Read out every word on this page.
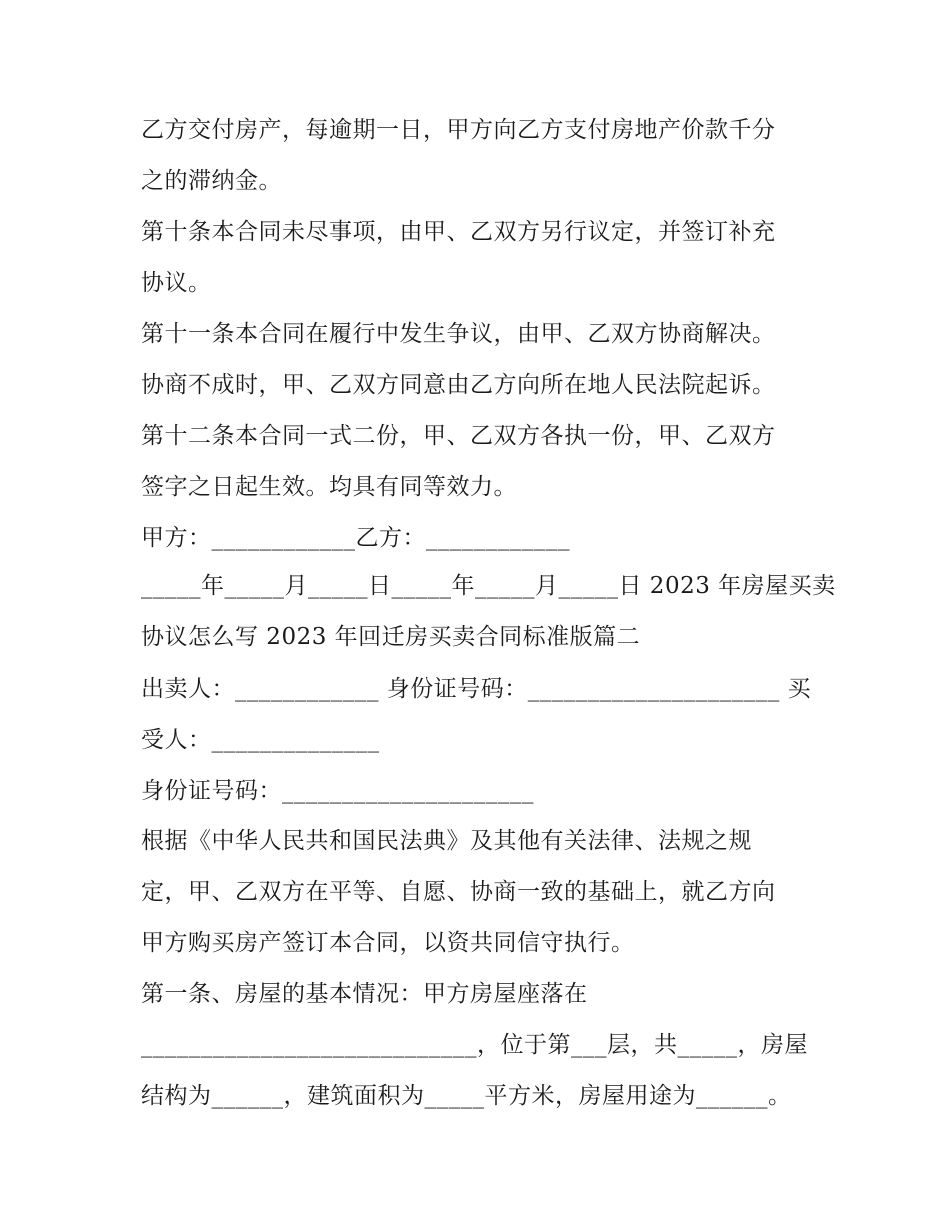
乙方交付房产，每逾期一日，甲方向乙方支付房地产价款千分
之的滞纳金。
第十条本合同未尽事项，由甲、乙双方另行议定，并签订补充
协议。
第十一条本合同在履行中发生争议，由甲、乙双方协商解决。
协商不成时，甲、乙双方同意由乙方向所在地人民法院起诉。
第十二条本合同一式二份，甲、乙双方各执一份，甲、乙双方
签字之日起生效。均具有同等效力。
甲方：____________乙方：____________
_____年_____月_____日_____年_____月_____日 2023 年房屋买卖
协议怎么写 2023 年回迁房买卖合同标准版篇二
出卖人：____________ 身份证号码：_____________________ 买
受人：______________
身份证号码：_____________________
根据《中华人民共和国民法典》及其他有关法律、法规之规
定，甲、乙双方在平等、自愿、协商一致的基础上，就乙方向
甲方购买房产签订本合同，以资共同信守执行。
第一条、房屋的基本情况：甲方房屋座落在
____________________________，位于第___层，共_____，房屋
结构为______，建筑面积为_____平方米，房屋用途为______。
